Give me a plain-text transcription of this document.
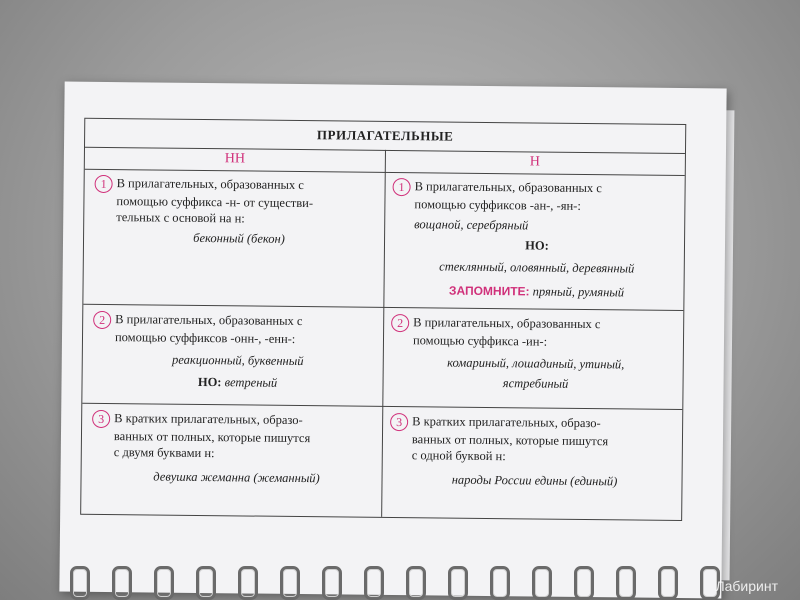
ПРИЛАГАТЕЛЬНЫЕ
НН	Н

1 В прилагательных, образованных с

помощью суффикса -н- от существи-

тельных с основой на н:

беконный (бекон)

1 В прилагательных, образованных с

помощью суффиксов -ан-, -ян-:

вощаной, серебряный

НО:

стеклянный, оловянный, деревянный

ЗАПОМНИТЕ: пряный, румяный

2 В прилагательных, образованных с

помощью суффиксов -онн-, -енн-:

реакционный, букв​енный

НО: ветреный

2 В прилагательных, образованных с

помощью суффикса -ин-:

комариный, лошадиный, утиный,

ястребиный

3 В кратких прилагательных, образо-

ванных от полных, которые пишутся

с двумя буквами н:

девушка жеманна (жеманный)

3 В кратких прилагательных, образо-

ванных от полных, которые пишутся

с одной буквой н:

народы России едины (единый)

Лабиринт
